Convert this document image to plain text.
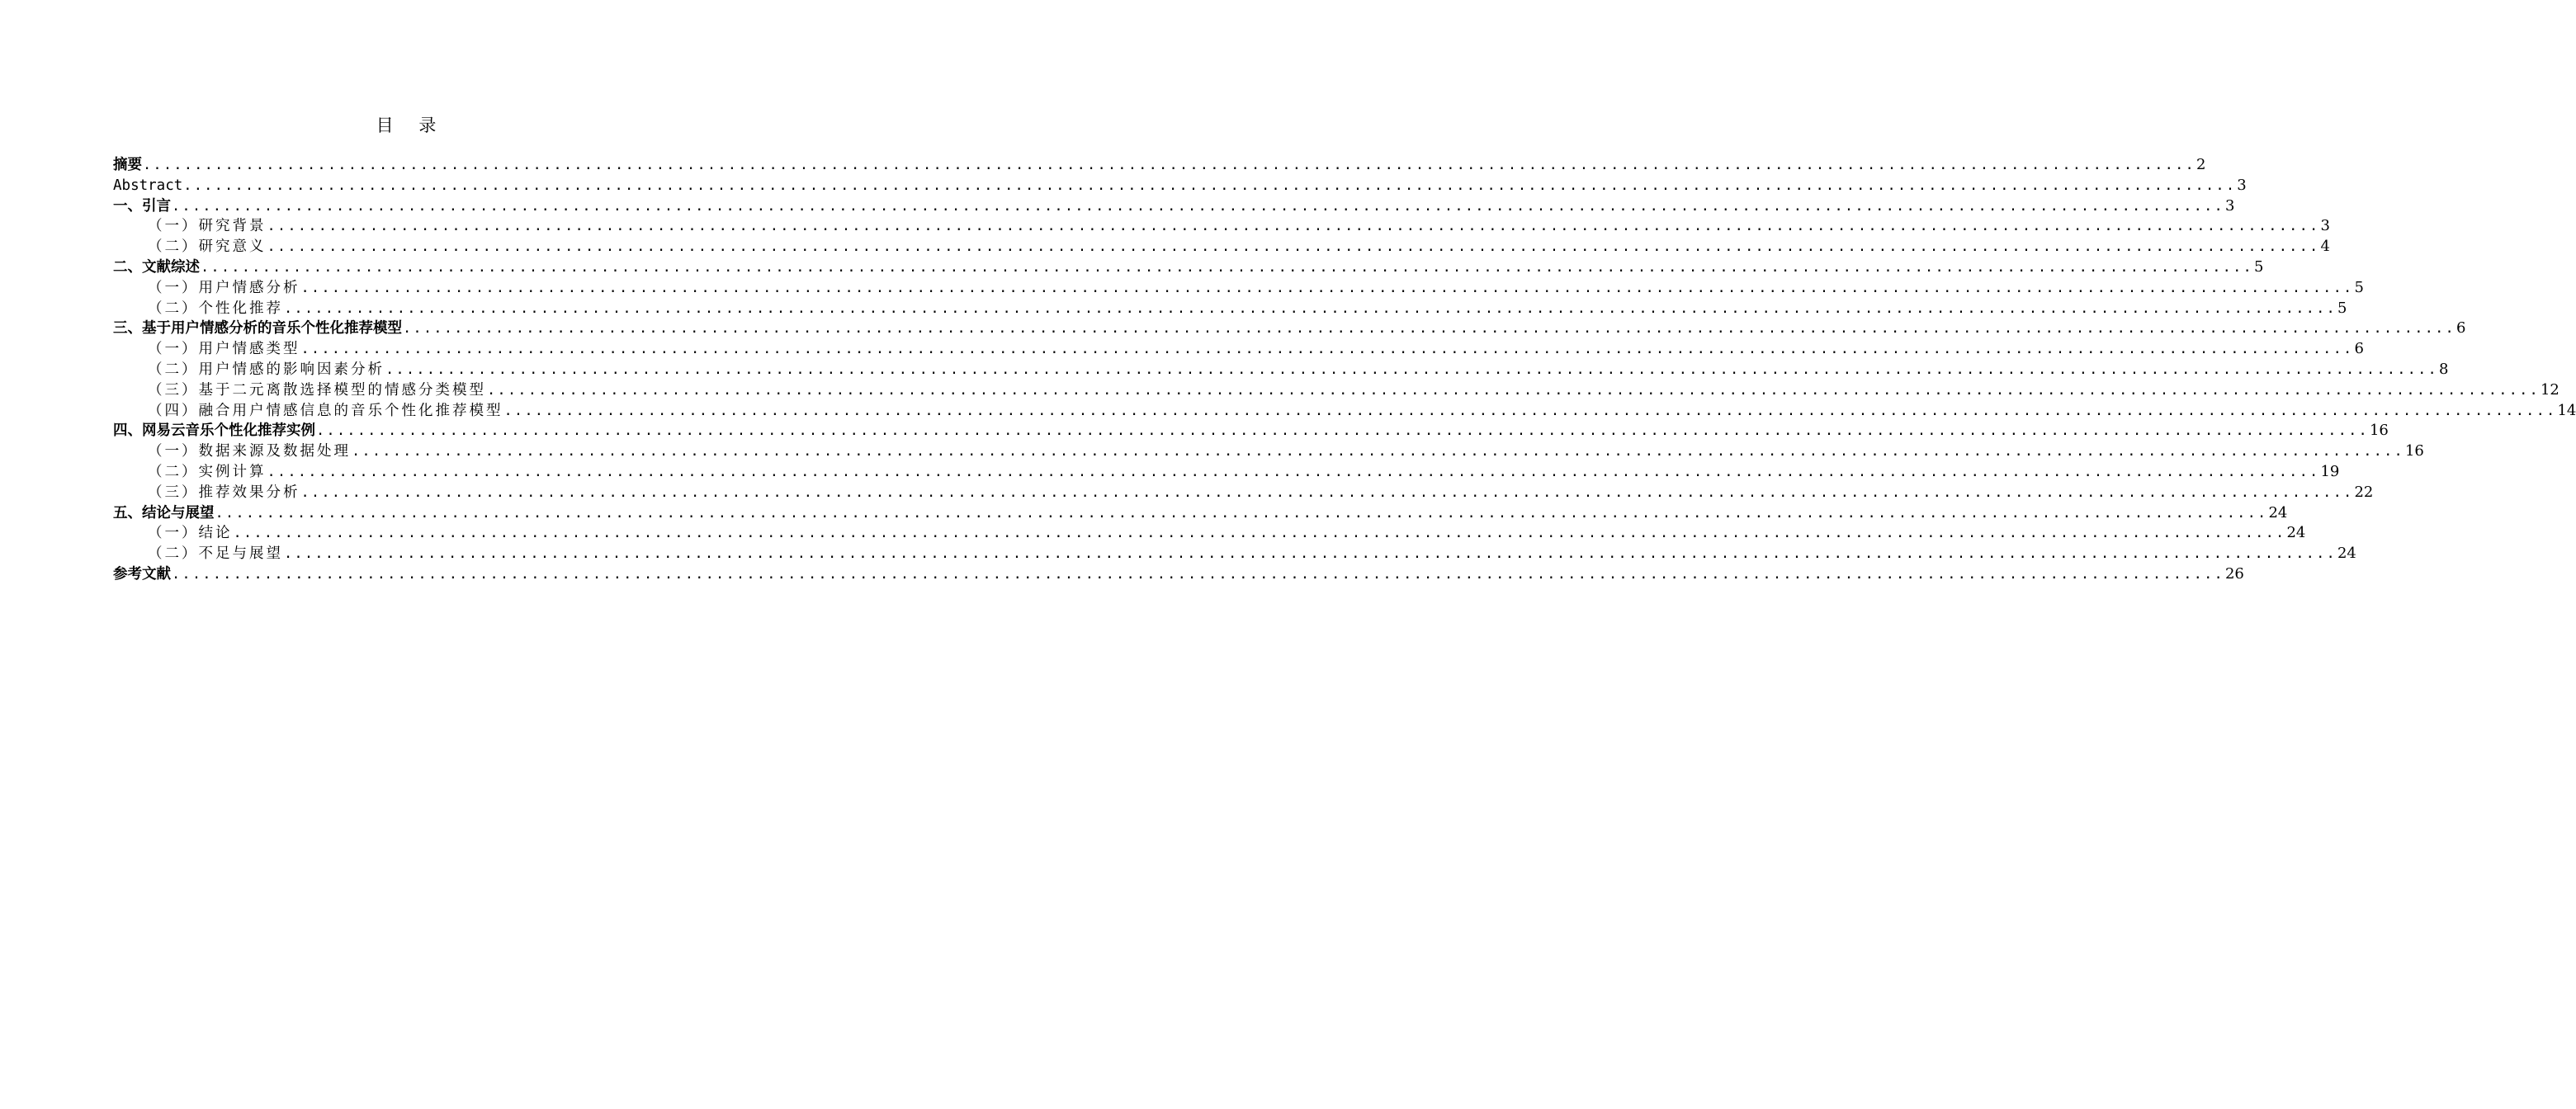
目 录
摘要 ........................................................................................................................................................................................................ 2
Abstract ........................................................................................................................................................................................................ 3
一、引言 ........................................................................................................................................................................................................ 3
（一）研究背景 ........................................................................................................................................................................................................ 3
（二）研究意义 ........................................................................................................................................................................................................ 4
二、文献综述 ........................................................................................................................................................................................................ 5
（一）用户情感分析 ........................................................................................................................................................................................................ 5
（二）个性化推荐 ........................................................................................................................................................................................................ 5
三、基于用户情感分析的音乐个性化推荐模型 ........................................................................................................................................................................................................ 6
（一）用户情感类型 ........................................................................................................................................................................................................ 6
（二）用户情感的影响因素分析 ........................................................................................................................................................................................................ 8
（三）基于二元离散选择模型的情感分类模型 ........................................................................................................................................................................................................ 12
（四）融合用户情感信息的音乐个性化推荐模型 ........................................................................................................................................................................................................ 14
四、网易云音乐个性化推荐实例 ........................................................................................................................................................................................................ 16
（一）数据来源及数据处理 ........................................................................................................................................................................................................ 16
（二）实例计算 ........................................................................................................................................................................................................ 19
（三）推荐效果分析 ........................................................................................................................................................................................................ 22
五、结论与展望 ........................................................................................................................................................................................................ 24
（一）结论 ........................................................................................................................................................................................................ 24
（二）不足与展望 ........................................................................................................................................................................................................ 24
参考文献 ........................................................................................................................................................................................................ 26
